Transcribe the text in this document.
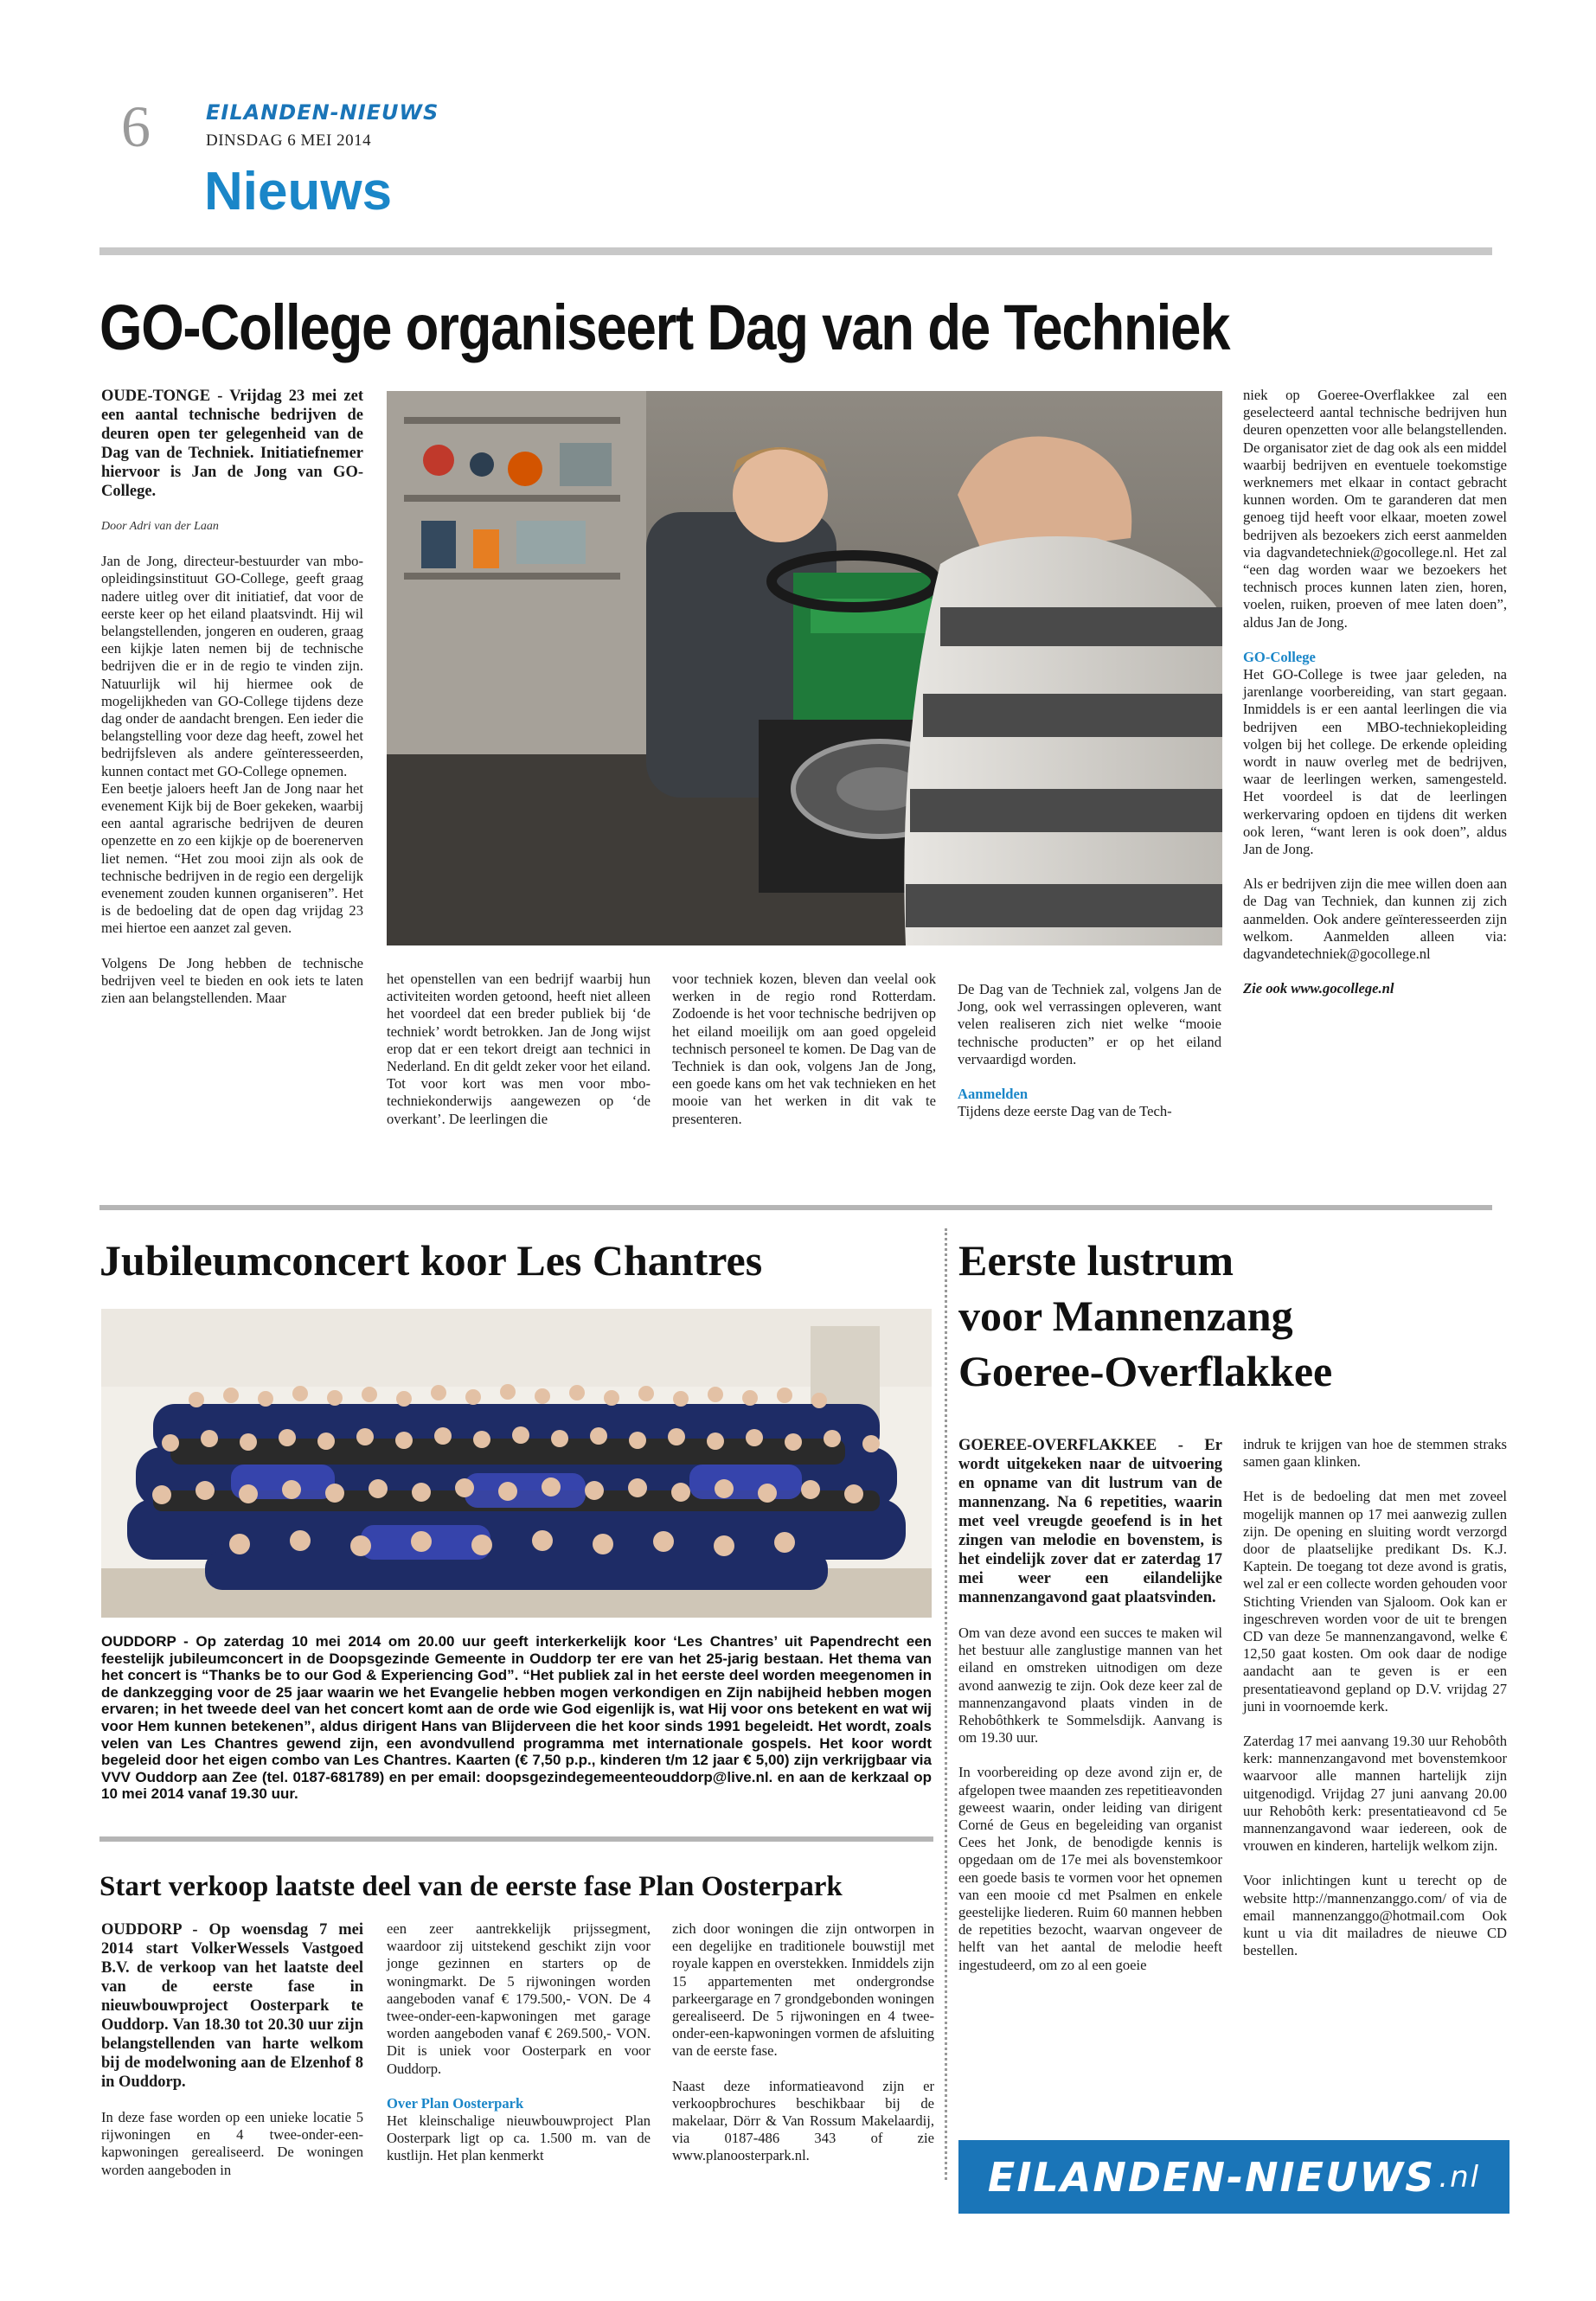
6	EILANDEN-NIEUWS
DINSDAG 6 MEI 2014
Nieuws
GO-College organiseert Dag van de Techniek

OUDE-TONGE - Vrijdag 23 mei zet een aantal technische bedrijven de deuren open ter gelegenheid van de Dag van de Techniek. Initiatiefnemer hiervoor is Jan de Jong van GO-College.

Door Adri van der Laan

Jan de Jong, directeur-bestuurder van mbo-opleidingsinstituut GO-College, geeft graag nadere uitleg over dit initiatief, dat voor de eerste keer op het eiland plaatsvindt. Hij wil belangstellenden, jongeren en ouderen, graag een kijkje laten nemen bij de technische bedrijven die er in de regio te vinden zijn. Natuurlijk wil hij hiermee ook de mogelijkheden van GO-College tijdens deze dag onder de aandacht brengen. Een ieder die belangstelling voor deze dag heeft, zowel het bedrijfsleven als andere geïnteresseerden, kunnen contact met GO-College opnemen.

Een beetje jaloers heeft Jan de Jong naar het evenement Kijk bij de Boer gekeken, waarbij een aantal agrarische bedrijven de deuren openzette en zo een kijkje op de boerenerven liet nemen. “Het zou mooi zijn als ook de technische bedrijven in de regio een dergelijk evenement zouden kunnen organiseren”. Het is de bedoeling dat de open dag vrijdag 23 mei hiertoe een aanzet zal geven.

Volgens De Jong hebben de technische bedrijven veel te bieden en ook iets te laten zien aan belangstellenden. Maar

het openstellen van een bedrijf waarbij hun activiteiten worden getoond, heeft niet alleen het voordeel dat een breder publiek bij ‘de techniek’ wordt betrokken. Jan de Jong wijst erop dat er een tekort dreigt aan technici in Nederland. En dit geldt zeker voor het eiland. Tot voor kort was men voor mbo-techniekonderwijs aangewezen op ‘de overkant’. De leerlingen die

voor techniek kozen, bleven dan veelal ook werken in de regio rond Rotterdam. Zodoende is het voor technische bedrijven op het eiland moeilijk om aan goed opgeleid technisch personeel te komen. De Dag van de Techniek is dan ook, volgens Jan de Jong, een goede kans om het vak technieken en het mooie van het werken in dit vak te presenteren.

De Dag van de Techniek zal, volgens Jan de Jong, ook wel verrassingen opleveren, want velen realiseren zich niet welke “mooie technische producten” er op het eiland vervaardigd worden.

Aanmelden

Tijdens deze eerste Dag van de Tech-

niek op Goeree-Overflakkee zal een geselecteerd aantal technische bedrijven hun deuren openzetten voor alle belangstellenden. De organisator ziet de dag ook als een middel waarbij bedrijven en eventuele toekomstige werknemers met elkaar in contact gebracht kunnen worden. Om te garanderen dat men genoeg tijd heeft voor elkaar, moeten zowel bedrijven als bezoekers zich eerst aanmelden via dagvandetechniek@gocollege.nl. Het zal “een dag worden waar we bezoekers het technisch proces kunnen laten zien, horen, voelen, ruiken, proeven of mee laten doen”, aldus Jan de Jong.

GO-College

Het GO-College is twee jaar geleden, na jarenlange voorbereiding, van start gegaan. Inmiddels is er een aantal leerlingen die via bedrijven een MBO-techniekopleiding volgen bij het college. De erkende opleiding wordt in nauw overleg met de bedrijven, waar de leerlingen werken, samengesteld. Het voordeel is dat de leerlingen werkervaring opdoen en tijdens dit werken ook leren, “want leren is ook doen”, aldus Jan de Jong.

Als er bedrijven zijn die mee willen doen aan de Dag van Techniek, dan kunnen zij zich aanmelden. Ook andere geïnteresseerden zijn welkom. Aanmelden alleen via: dagvandetechniek@gocollege.nl

Zie ook www.gocollege.nl

Jubileumconcert koor Les Chantres
OUDDORP - Op zaterdag 10 mei 2014 om 20.00 uur geeft interkerkelijk koor ‘Les Chantres’ uit Papendrecht een feestelijk jubileumconcert in de Doopsgezinde Gemeente in Ouddorp ter ere van het 25-jarig bestaan. Het thema van het concert is “Thanks be to our God & Experiencing God”. “Het publiek zal in het eerste deel worden meegenomen in de dankzegging voor de 25 jaar waarin we het Evangelie hebben mogen verkondigen en Zijn nabijheid hebben mogen ervaren; in het tweede deel van het concert komt aan de orde wie God eigenlijk is, wat Hij voor ons betekent en wat wij voor Hem kunnen betekenen”, aldus dirigent Hans van Blijderveen die het koor sinds 1991 begeleidt. Het wordt, zoals velen van Les Chantres gewend zijn, een avondvullend programma met internationale gospels. Het koor wordt begeleid door het eigen combo van Les Chantres. Kaarten (€ 7,50 p.p., kinderen t/m 12 jaar € 5,00) zijn verkrijgbaar via VVV Ouddorp aan Zee (tel. 0187-681789) en per email: doopsgezindegemeenteouddorp@live.nl. en aan de kerkzaal op 10 mei 2014 vanaf 19.30 uur.
Start verkoop laatste deel van de eerste fase Plan Oosterpark

OUDDORP - Op woensdag 7 mei 2014 start VolkerWessels Vastgoed B.V. de verkoop van het laatste deel van de eerste fase in nieuwbouwproject Oosterpark te Ouddorp. Van 18.30 tot 20.30 uur zijn belangstellenden van harte welkom bij de modelwoning aan de Elzenhof 8 in Ouddorp.

In deze fase worden op een unieke locatie 5 rijwoningen en 4 twee-onder-een-kapwoningen gerealiseerd. De woningen worden aangeboden in

een zeer aantrekkelijk prijssegment, waardoor zij uitstekend geschikt zijn voor jonge gezinnen en starters op de woningmarkt. De 5 rijwoningen worden aangeboden vanaf € 179.500,- VON. De 4 twee-onder-een-kapwoningen met garage worden aangeboden vanaf € 269.500,- VON. Dit is uniek voor Oosterpark en voor Ouddorp.

Over Plan Oosterpark

Het kleinschalige nieuwbouwproject Plan Oosterpark ligt op ca. 1.500 m. van de kustlijn. Het plan kenmerkt

zich door woningen die zijn ontworpen in een degelijke en traditionele bouwstijl met royale kappen en overstekken. Inmiddels zijn 15 appartementen met ondergrondse parkeergarage en 7 grondgebonden woningen gerealiseerd. De 5 rijwoningen en 4 twee-onder-een-kapwoningen vormen de afsluiting van de eerste fase.

Naast deze informatieavond zijn er verkoopbrochures beschikbaar bij de makelaar, Dörr & Van Rossum Makelaardij, via 0187-486 343 of zie www.planoosterpark.nl.

Eerste lustrum
voor Mannenzang
Goeree-Overflakkee

GOEREE-OVERFLAKKEE - Er wordt uitgekeken naar de uitvoering en opname van dit lustrum van de mannenzang. Na 6 repetities, waarin met veel vreugde geoefend is in het zingen van melodie en bovenstem, is het eindelijk zover dat er zaterdag 17 mei weer een eilandelijke mannenzangavond gaat plaatsvinden.

Om van deze avond een succes te maken wil het bestuur alle zanglustige mannen van het eiland en omstreken uitnodigen om deze avond aanwezig te zijn. Ook deze keer zal de mannenzangavond plaats vinden in de Rehobôthkerk te Sommelsdijk. Aanvang is om 19.30 uur.

In voorbereiding op deze avond zijn er, de afgelopen twee maanden zes repetitieavonden geweest waarin, onder leiding van dirigent Corné de Geus en begeleiding van organist Cees het Jonk, de benodigde kennis is opgedaan om de 17e mei als bovenstemkoor een goede basis te vormen voor het opnemen van een mooie cd met Psalmen en enkele geestelijke liederen. Ruim 60 mannen hebben de repetities bezocht, waarvan ongeveer de helft van het aantal de melodie heeft ingestudeerd, om zo al een goeie

indruk te krijgen van hoe de stemmen straks samen gaan klinken.

Het is de bedoeling dat men met zoveel mogelijk mannen op 17 mei aanwezig zullen zijn. De opening en sluiting wordt verzorgd door de plaatselijke predikant Ds. K.J. Kaptein. De toegang tot deze avond is gratis, wel zal er een collecte worden gehouden voor Stichting Vrienden van Sjaloom. Ook kan er ingeschreven worden voor de uit te brengen CD van deze 5e mannenzangavond, welke € 12,50 gaat kosten. Om ook daar de nodige aandacht aan te geven is er een presentatieavond gepland op D.V. vrijdag 27 juni in voornoemde kerk.

Zaterdag 17 mei aanvang 19.30 uur Rehobôth kerk: mannenzangavond met bovenstemkoor waarvoor alle mannen hartelijk zijn uitgenodigd. Vrijdag 27 juni aanvang 20.00 uur Rehobôth kerk: presentatieavond cd 5e mannenzangavond waar iedereen, ook de vrouwen en kinderen, hartelijk welkom zijn.

Voor inlichtingen kunt u terecht op de website http://mannenzanggo.com/ of via de email mannenzanggo@hotmail.com Ook kunt u via dit mailadres de nieuwe CD bestellen.

EILANDEN-NIEUWS .nl
